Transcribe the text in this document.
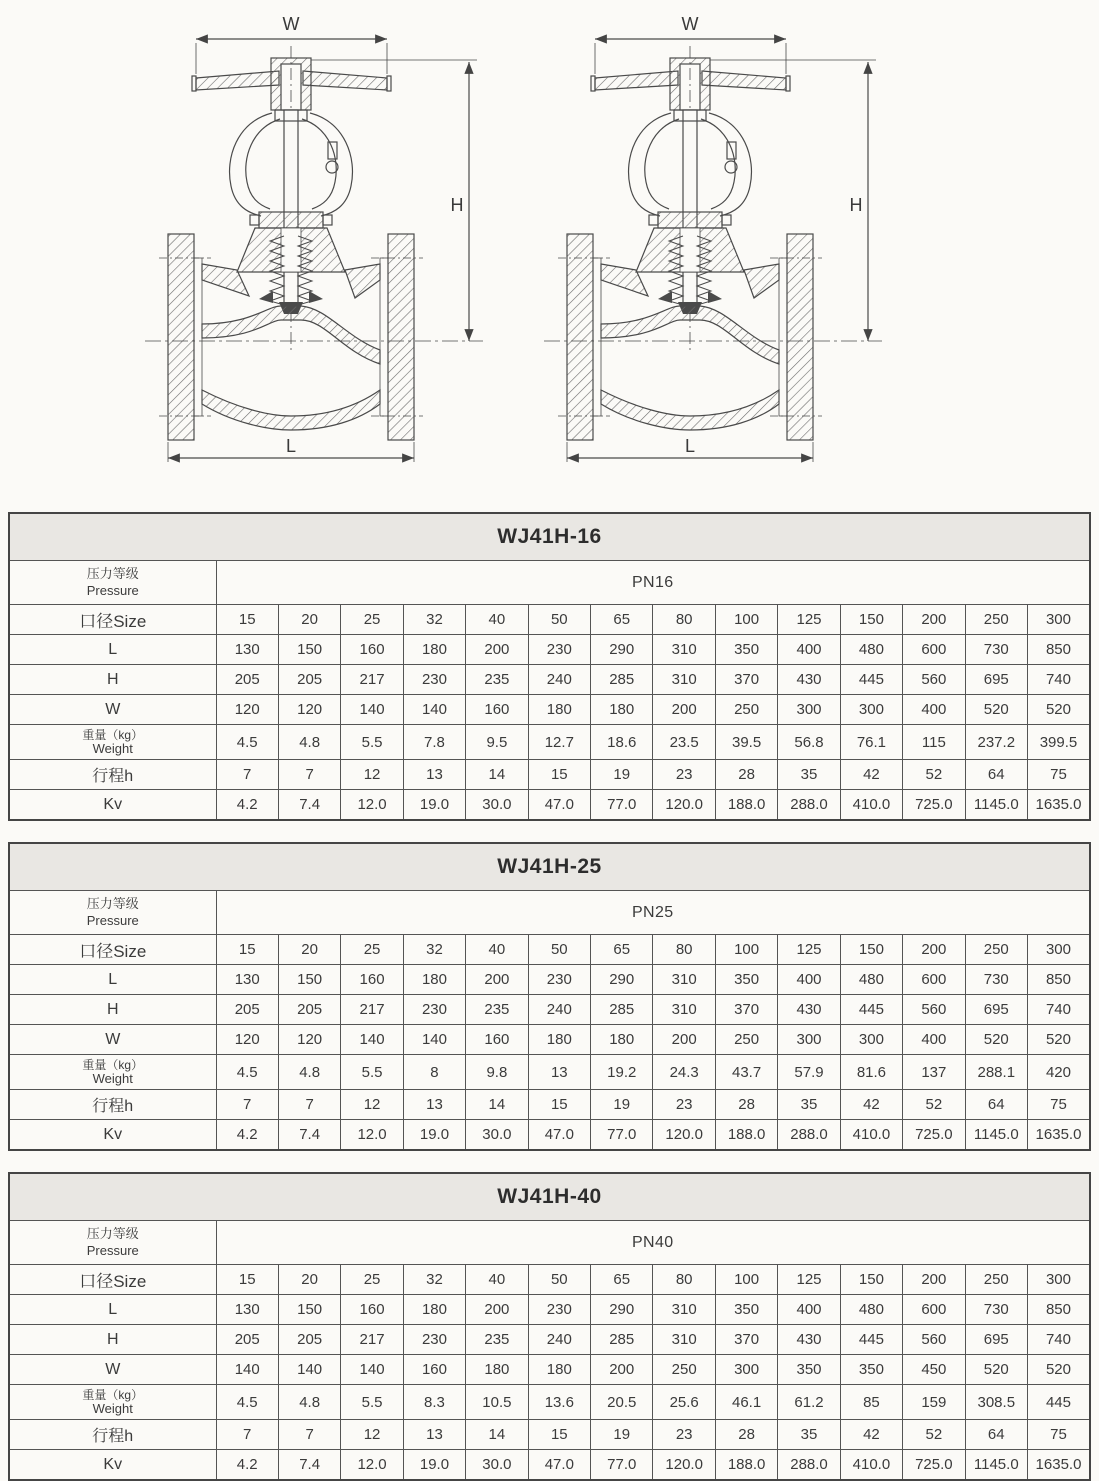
W
H
L
WJ41H-16														

压力等级
Pressure	PN16													
口径Size	15	20	25	32	40	50	65	80	100	125	150	200	250	300
L	130	150	160	180	200	230	290	310	350	400	480	600	730	850
H	205	205	217	230	235	240	285	310	370	430	445	560	695	740
W	120	120	140	140	160	180	180	200	250	300	300	400	520	520

重量（kg）
Weight	4.5	4.8	5.5	7.8	9.5	12.7	18.6	23.5	39.5	56.8	76.1	115	237.2	399.5
行程h	7	7	12	13	14	15	19	23	28	35	42	52	64	75
Kv	4.2	7.4	12.0	19.0	30.0	47.0	77.0	120.0	188.0	288.0	410.0	725.0	1145.0	1635.0
WJ41H-25														

压力等级
Pressure	PN25													
口径Size	15	20	25	32	40	50	65	80	100	125	150	200	250	300
L	130	150	160	180	200	230	290	310	350	400	480	600	730	850
H	205	205	217	230	235	240	285	310	370	430	445	560	695	740
W	120	120	140	140	160	180	180	200	250	300	300	400	520	520

重量（kg）
Weight	4.5	4.8	5.5	8	9.8	13	19.2	24.3	43.7	57.9	81.6	137	288.1	420
行程h	7	7	12	13	14	15	19	23	28	35	42	52	64	75
Kv	4.2	7.4	12.0	19.0	30.0	47.0	77.0	120.0	188.0	288.0	410.0	725.0	1145.0	1635.0
WJ41H-40														

压力等级
Pressure	PN40													
口径Size	15	20	25	32	40	50	65	80	100	125	150	200	250	300
L	130	150	160	180	200	230	290	310	350	400	480	600	730	850
H	205	205	217	230	235	240	285	310	370	430	445	560	695	740
W	140	140	140	160	180	180	200	250	300	350	350	450	520	520

重量（kg）
Weight	4.5	4.8	5.5	8.3	10.5	13.6	20.5	25.6	46.1	61.2	85	159	308.5	445
行程h	7	7	12	13	14	15	19	23	28	35	42	52	64	75
Kv	4.2	7.4	12.0	19.0	30.0	47.0	77.0	120.0	188.0	288.0	410.0	725.0	1145.0	1635.0
